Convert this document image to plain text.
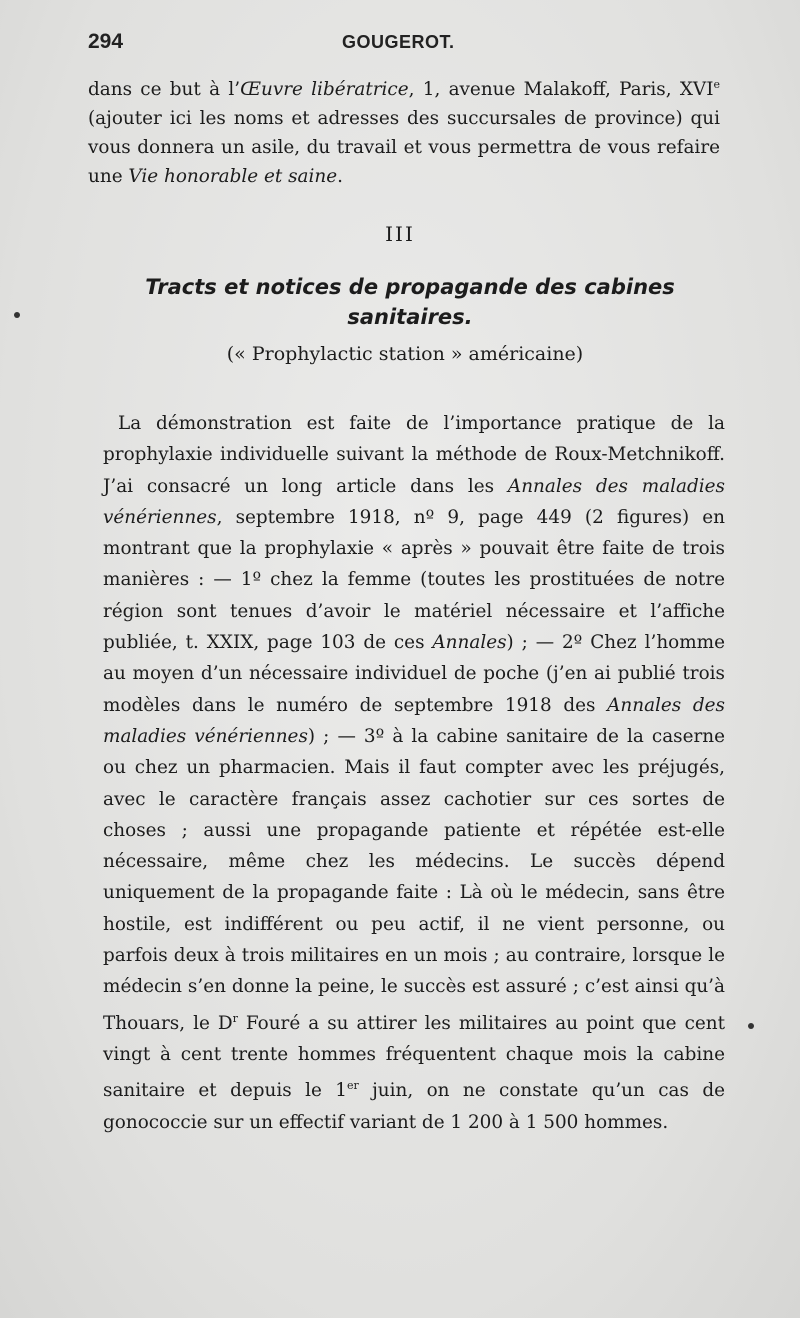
294	GOUGEROT.

dans ce but à l’Œuvre libératrice, 1, avenue Malakoff, Paris, XVIe (ajouter ici les noms et adresses des succursales de province) qui vous donnera un asile, du travail et vous permettra de vous refaire une Vie honorable et saine.

III
Tracts et notices de propagande des cabines sanitaires.
(« Prophylactic station » américaine)

La démonstration est faite de l’importance pratique de la prophylaxie individuelle suivant la méthode de Roux-Metchnikoff. J’ai consacré un long article dans les Annales des maladies vénériennes, septembre 1918, nº 9, page 449 (2 figures) en montrant que la prophylaxie « après » pouvait être faite de trois manières : — 1º chez la femme (toutes les prostituées de notre région sont tenues d’avoir le matériel nécessaire et l’affiche publiée, t. XXIX, page 103 de ces Annales) ; — 2º Chez l’homme au moyen d’un nécessaire individuel de poche (j’en ai publié trois modèles dans le numéro de septembre 1918 des Annales des maladies vénériennes) ; — 3º à la cabine sanitaire de la caserne ou chez un pharmacien. Mais il faut compter avec les préjugés, avec le caractère français assez cachotier sur ces sortes de choses ; aussi une propagande patiente et répétée est-elle nécessaire, même chez les médecins. Le succès dépend uniquement de la propagande faite : Là où le médecin, sans être hostile, est indifférent ou peu actif, il ne vient personne, ou parfois deux à trois militaires en un mois ; au contraire, lorsque le médecin s’en donne la peine, le succès est assuré ; c’est ainsi qu’à Thouars, le $D^r$ Fouré a su attirer les militaires au point que cent vingt à cent trente hommes fréquentent chaque mois la cabine sanitaire et depuis le 1er juin, on ne constate qu’un cas de gonococcie sur un effectif variant de 1 200 à 1 500 hommes.
